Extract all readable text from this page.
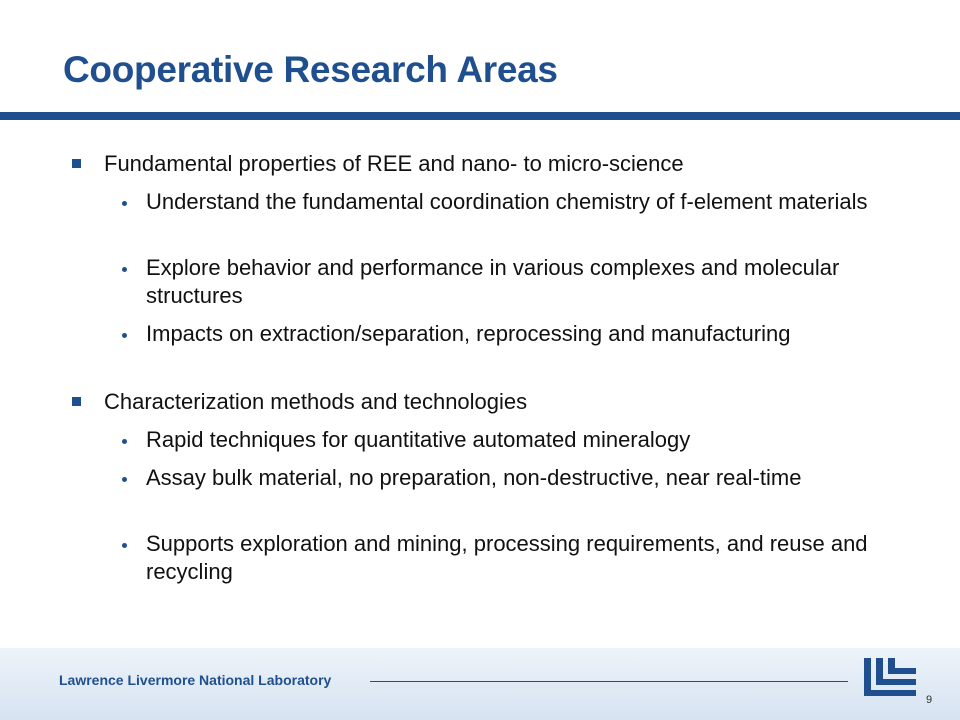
Cooperative Research Areas
Fundamental properties of REE and nano- to micro-science
Understand the fundamental coordination chemistry of f-element materials
Explore behavior and performance in various complexes and molecular structures
Impacts on extraction/separation, reprocessing and manufacturing
Characterization methods and technologies
Rapid techniques for quantitative automated mineralogy
Assay bulk material, no preparation, non-destructive, near real-time
Supports exploration and mining, processing requirements, and reuse and recycling
Lawrence Livermore National Laboratory
9
